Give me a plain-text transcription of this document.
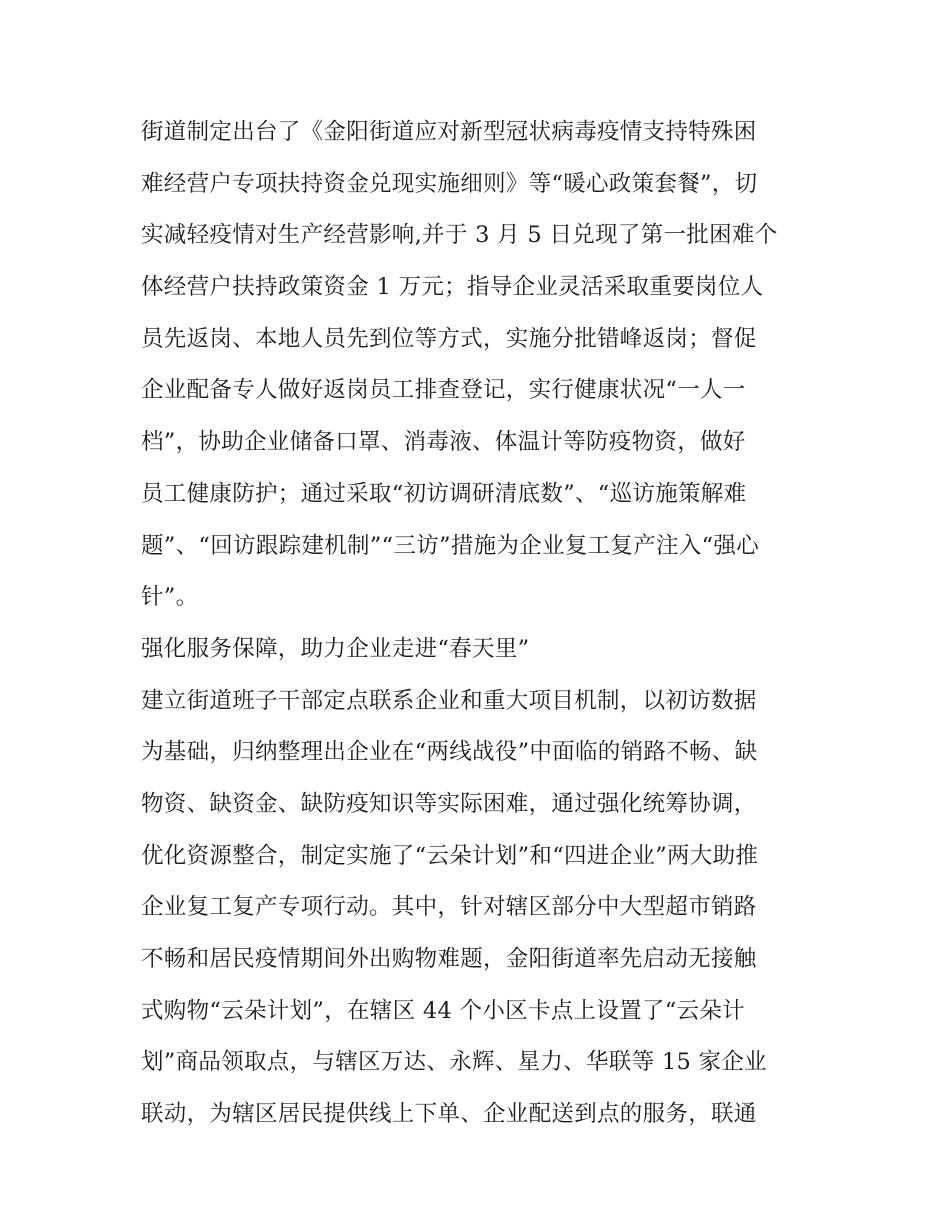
街道制定出台了《金阳街道应对新型冠状病毒疫情支持特殊困
难经营户专项扶持资金兑现实施细则》等“暖心政策套餐”，切
实减轻疫情对生产经营影响,并于 3 月 5 日兑现了第一批困难个
体经营户扶持政策资金 1 万元；指导企业灵活采取重要岗位人
员先返岗、本地人员先到位等方式，实施分批错峰返岗；督促
企业配备专人做好返岗员工排查登记，实行健康状况“一人一
档”，协助企业储备口罩、消毒液、体温计等防疫物资，做好
员工健康防护；通过采取“初访调研清底数”、“巡访施策解难
题”、“回访跟踪建机制”“三访”措施为企业复工复产注入“强心
针”。
强化服务保障，助力企业走进“春天里”
建立街道班子干部定点联系企业和重大项目机制，以初访数据
为基础，归纳整理出企业在“两线战役”中面临的销路不畅、缺
物资、缺资金、缺防疫知识等实际困难，通过强化统筹协调，
优化资源整合，制定实施了“云朵计划”和“四进企业”两大助推
企业复工复产专项行动。其中，针对辖区部分中大型超市销路
不畅和居民疫情期间外出购物难题，金阳街道率先启动无接触
式购物“云朵计划”，在辖区 44 个小区卡点上设置了“云朵计
划”商品领取点，与辖区万达、永辉、星力、华联等 15 家企业
联动，为辖区居民提供线上下单、企业配送到点的服务，联通
